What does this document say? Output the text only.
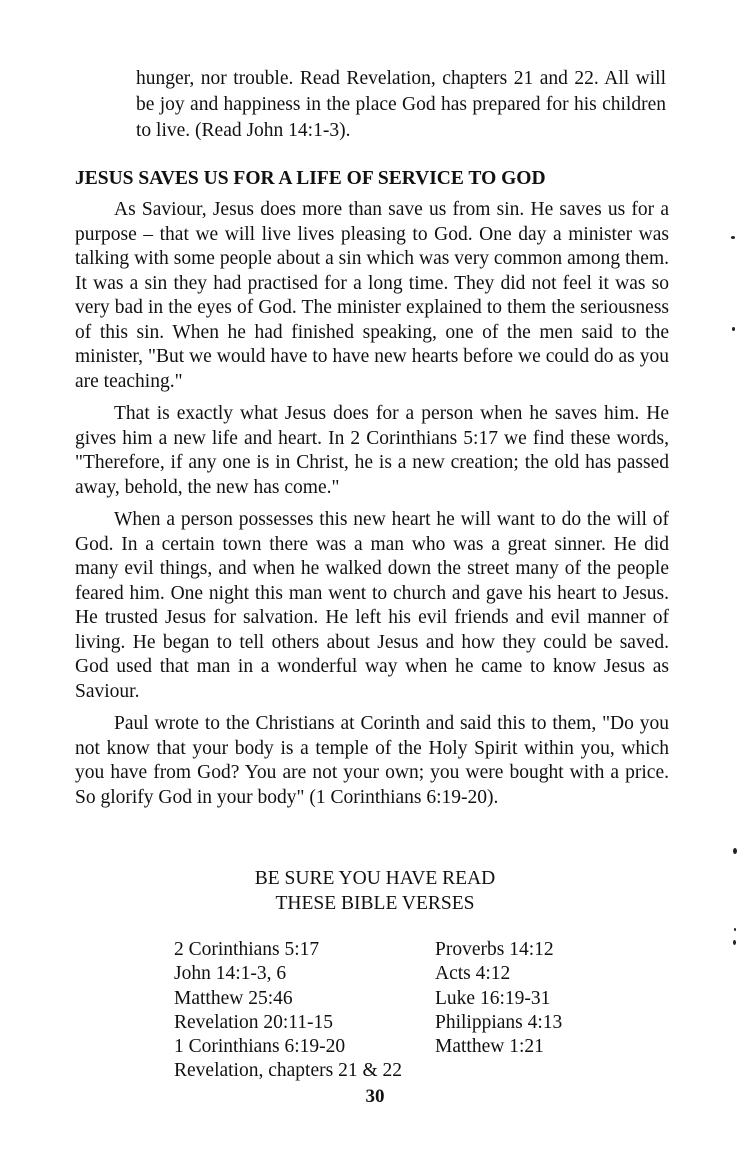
hunger, nor trouble. Read Revelation, chapters 21 and 22. All will be joy and happiness in the place God has prepared for his children to live. (Read John 14:1-3).

JESUS SAVES US FOR A LIFE OF SERVICE TO GOD

As Saviour, Jesus does more than save us from sin. He saves us for a purpose – that we will live lives pleasing to God. One day a minister was talking with some people about a sin which was very common among them. It was a sin they had practised for a long time. They did not feel it was so very bad in the eyes of God. The minister explained to them the seriousness of this sin. When he had finished speaking, one of the men said to the minister, "But we would have to have new hearts before we could do as you are teaching."

That is exactly what Jesus does for a person when he saves him. He gives him a new life and heart. In 2 Corinthians 5:17 we find these words, "Therefore, if any one is in Christ, he is a new creation; the old has passed away, behold, the new has come."

When a person possesses this new heart he will want to do the will of God. In a certain town there was a man who was a great sinner. He did many evil things, and when he walked down the street many of the people feared him. One night this man went to church and gave his heart to Jesus. He trusted Jesus for salvation. He left his evil friends and evil manner of living. He began to tell others about Jesus and how they could be saved. God used that man in a wonderful way when he came to know Jesus as Saviour.

Paul wrote to the Christians at Corinth and said this to them, "Do you not know that your body is a temple of the Holy Spirit within you, which you have from God? You are not your own; you were bought with a price. So glorify God in your body" (1 Corinthians 6:19-20).

BE SURE YOU HAVE READ
THESE BIBLE VERSES
2 Corinthians 5:17
John 14:1-3, 6
Matthew 25:46
Revelation 20:11-15
1 Corinthians 6:19-20
Revelation, chapters 21 & 22
Proverbs 14:12
Acts 4:12
Luke 16:19-31
Philippians 4:13
Matthew 1:21

30
